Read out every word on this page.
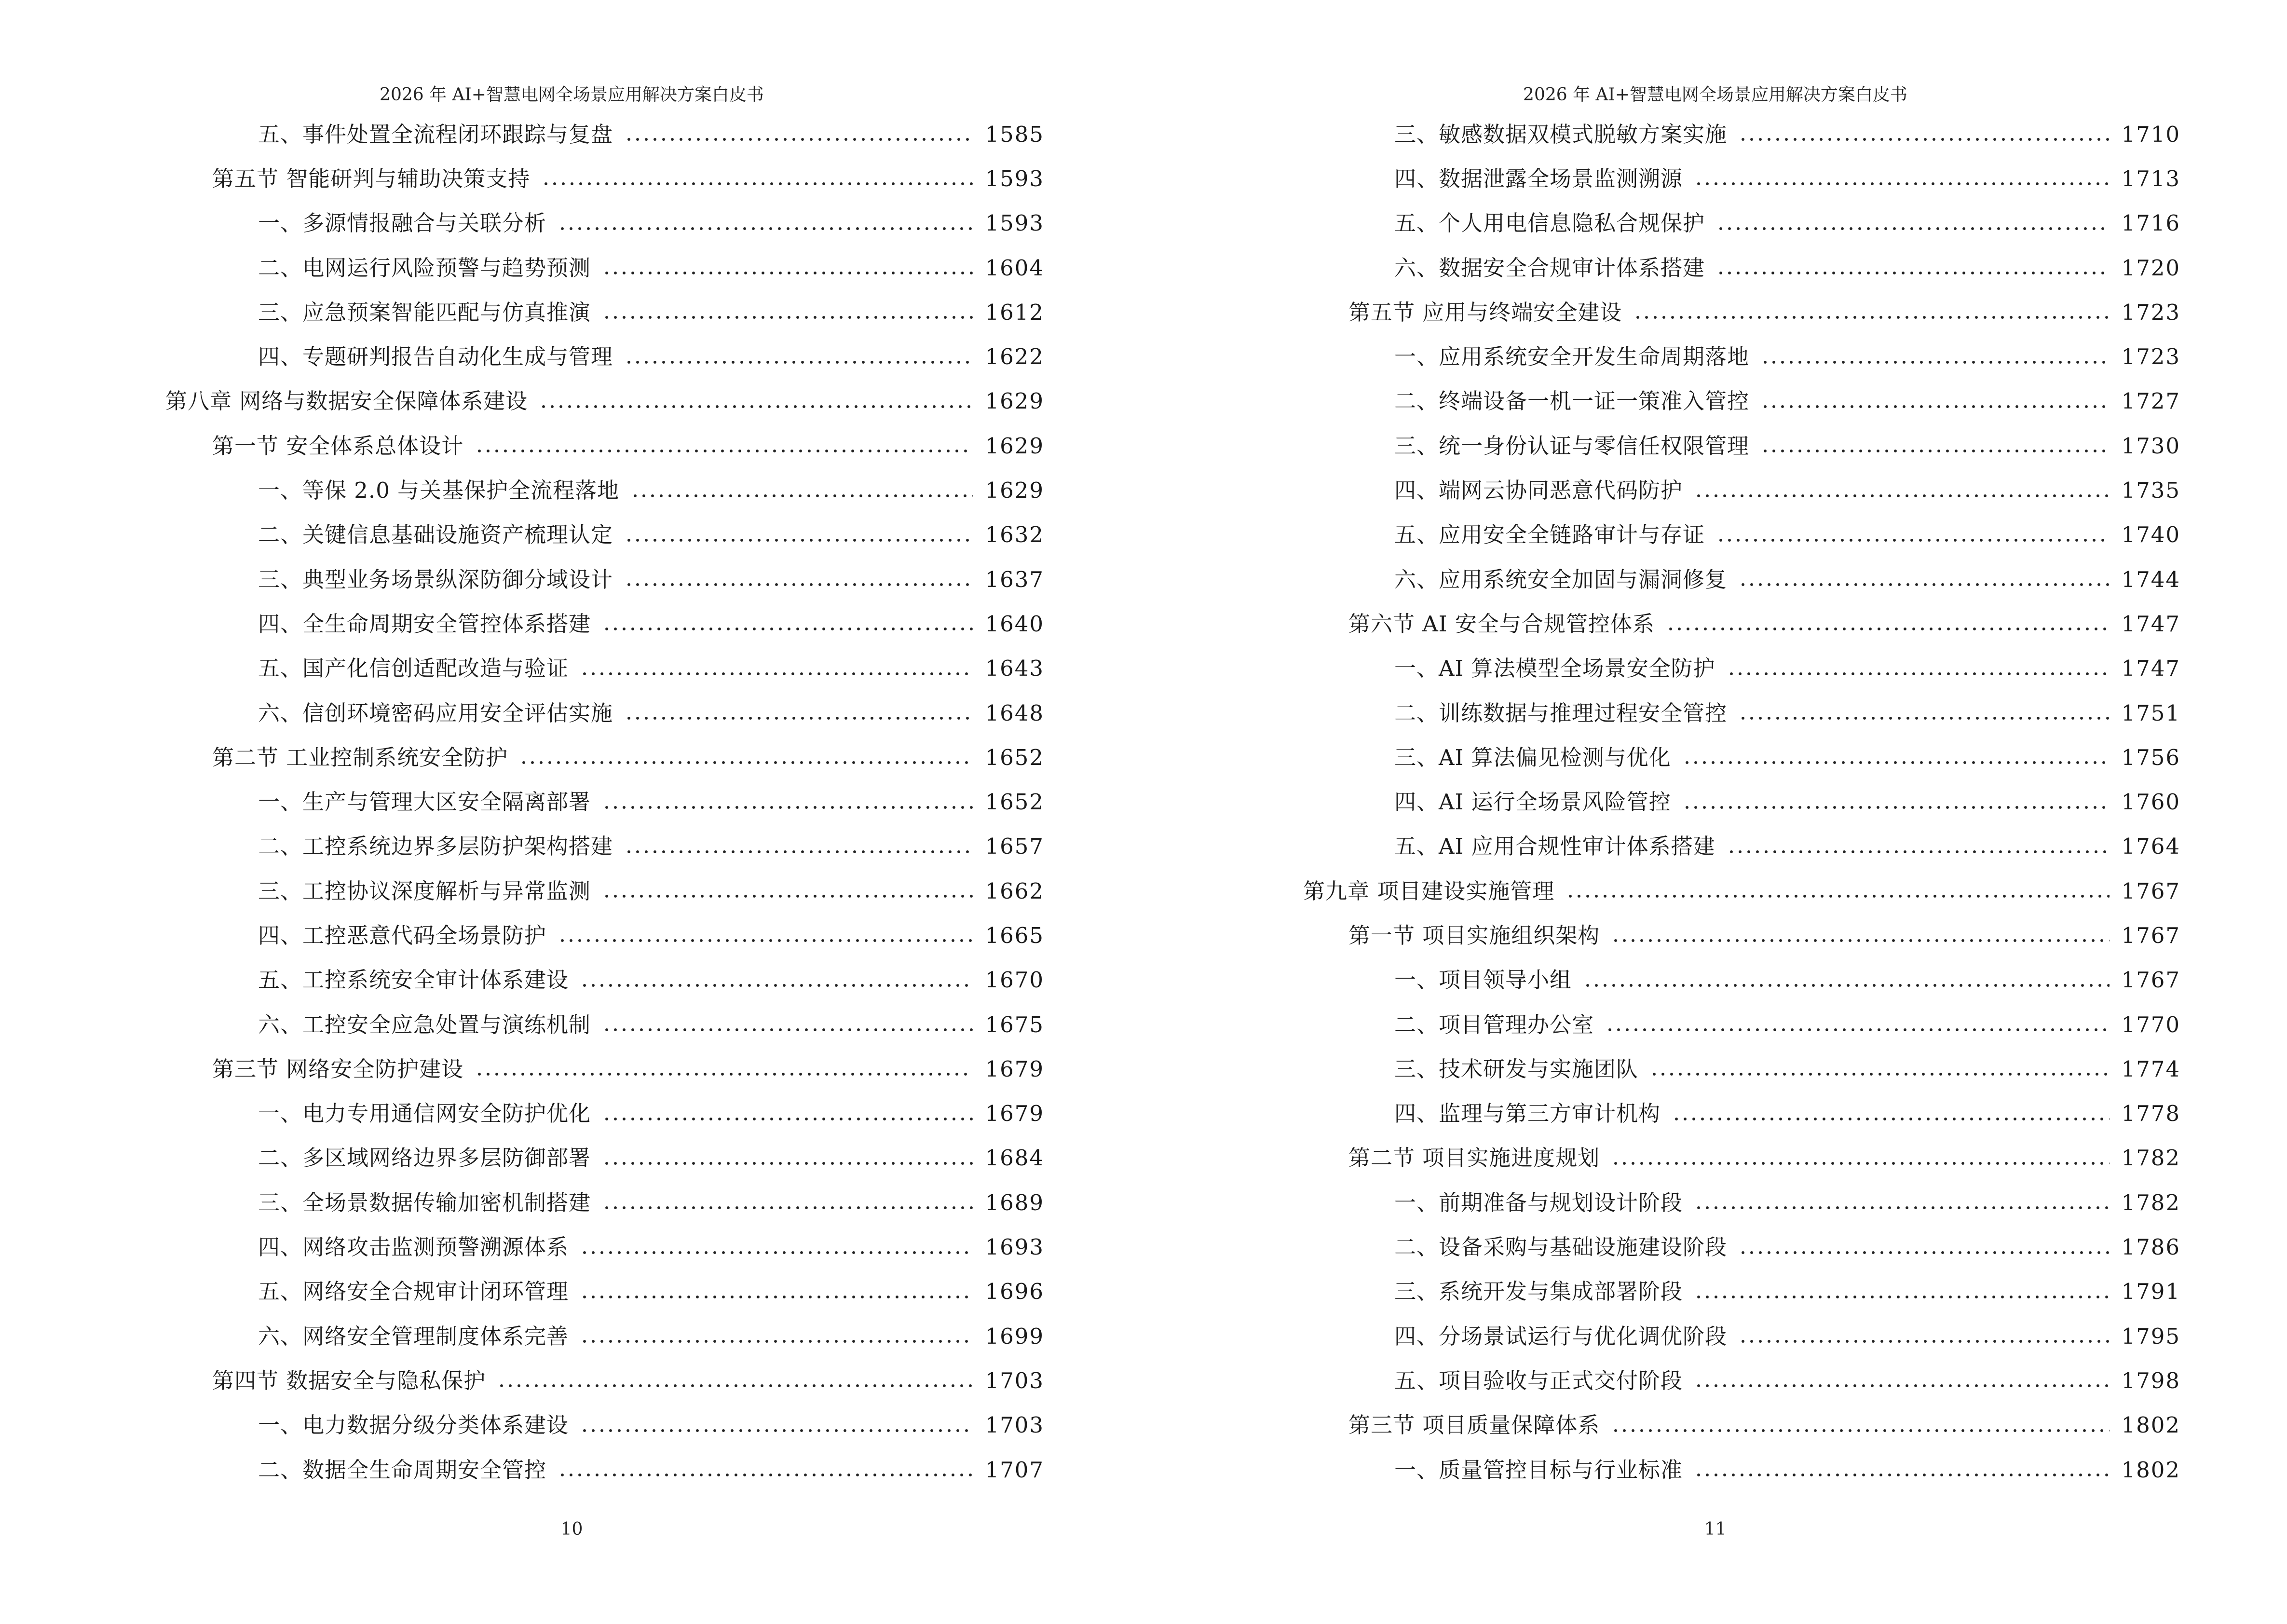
2026 年 AI+智慧电网全场景应用解决方案白皮书
五、事件处置全流程闭环跟踪与复盘	1585
第五节 智能研判与辅助决策支持	1593
一、多源情报融合与关联分析	1593
二、电网运行风险预警与趋势预测	1604
三、应急预案智能匹配与仿真推演	1612
四、专题研判报告自动化生成与管理	1622
第八章 网络与数据安全保障体系建设	1629
第一节 安全体系总体设计	1629
一、等保 2.0 与关基保护全流程落地	1629
二、关键信息基础设施资产梳理认定	1632
三、典型业务场景纵深防御分域设计	1637
四、全生命周期安全管控体系搭建	1640
五、国产化信创适配改造与验证	1643
六、信创环境密码应用安全评估实施	1648
第二节 工业控制系统安全防护	1652
一、生产与管理大区安全隔离部署	1652
二、工控系统边界多层防护架构搭建	1657
三、工控协议深度解析与异常监测	1662
四、工控恶意代码全场景防护	1665
五、工控系统安全审计体系建设	1670
六、工控安全应急处置与演练机制	1675
第三节 网络安全防护建设	1679
一、电力专用通信网安全防护优化	1679
二、多区域网络边界多层防御部署	1684
三、全场景数据传输加密机制搭建	1689
四、网络攻击监测预警溯源体系	1693
五、网络安全合规审计闭环管理	1696
六、网络安全管理制度体系完善	1699
第四节 数据安全与隐私保护	1703
一、电力数据分级分类体系建设	1703
二、数据全生命周期安全管控	1707
10
2026 年 AI+智慧电网全场景应用解决方案白皮书
三、敏感数据双模式脱敏方案实施	1710
四、数据泄露全场景监测溯源	1713
五、个人用电信息隐私合规保护	1716
六、数据安全合规审计体系搭建	1720
第五节 应用与终端安全建设	1723
一、应用系统安全开发生命周期落地	1723
二、终端设备一机一证一策准入管控	1727
三、统一身份认证与零信任权限管理	1730
四、端网云协同恶意代码防护	1735
五、应用安全全链路审计与存证	1740
六、应用系统安全加固与漏洞修复	1744
第六节 AI 安全与合规管控体系	1747
一、AI 算法模型全场景安全防护	1747
二、训练数据与推理过程安全管控	1751
三、AI 算法偏见检测与优化	1756
四、AI 运行全场景风险管控	1760
五、AI 应用合规性审计体系搭建	1764
第九章 项目建设实施管理	1767
第一节 项目实施组织架构	1767
一、项目领导小组	1767
二、项目管理办公室	1770
三、技术研发与实施团队	1774
四、监理与第三方审计机构	1778
第二节 项目实施进度规划	1782
一、前期准备与规划设计阶段	1782
二、设备采购与基础设施建设阶段	1786
三、系统开发与集成部署阶段	1791
四、分场景试运行与优化调优阶段	1795
五、项目验收与正式交付阶段	1798
第三节 项目质量保障体系	1802
一、质量管控目标与行业标准	1802
11
